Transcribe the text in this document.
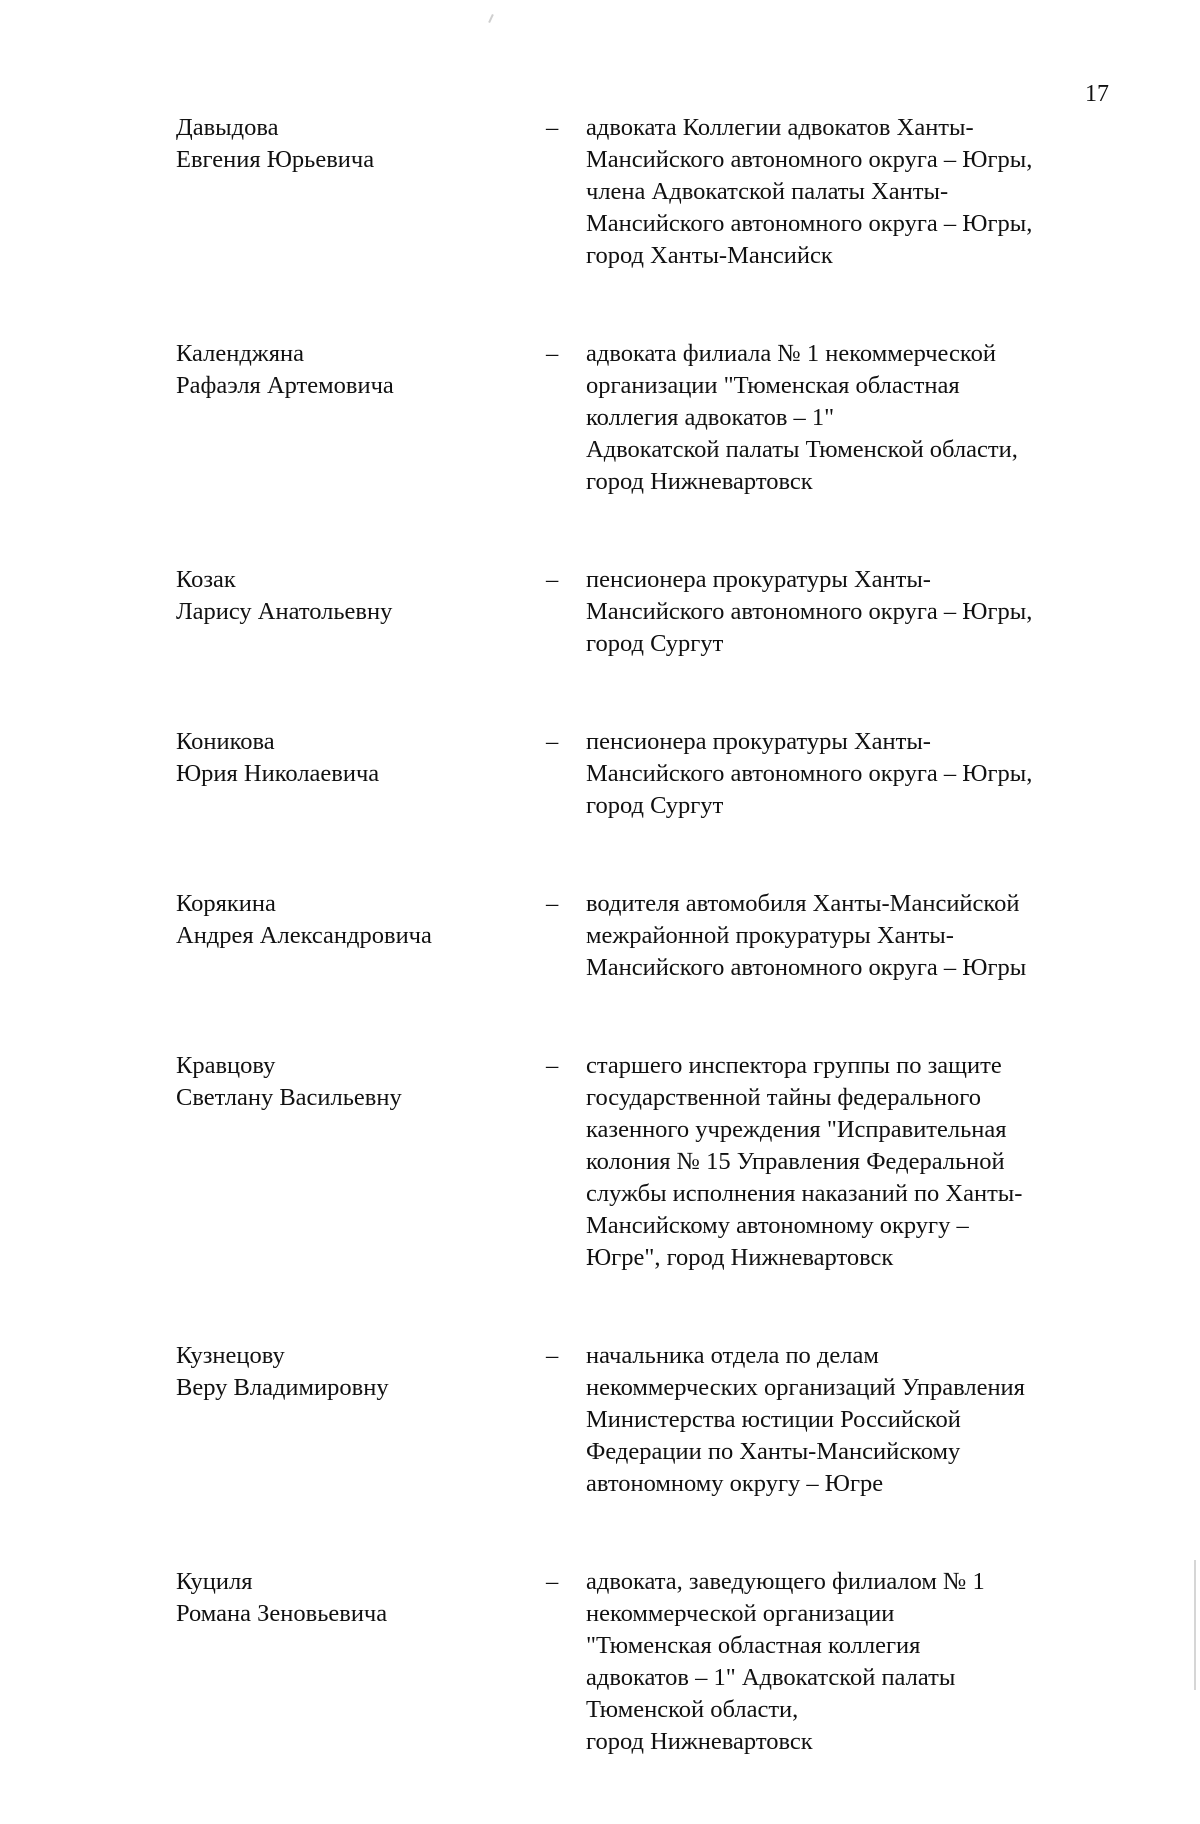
17
Давыдова
Евгения Юрьевича
–	адвоката Коллегии адвокатов Ханты-
Мансийского автономного округа – Югры,
члена Адвокатской палаты Ханты-
Мансийского автономного округа – Югры,
город Ханты-Мансийск
Календжяна
Рафаэля Артемовича
–	адвоката филиала № 1 некоммерческой
организации "Тюменская областная
коллегия адвокатов – 1"
Адвокатской палаты Тюменской области,
город Нижневартовск
Козак
Ларису Анатольевну
–	пенсионера прокуратуры Ханты-
Мансийского автономного округа – Югры,
город Сургут
Коникова
Юрия Николаевича
–	пенсионера прокуратуры Ханты-
Мансийского автономного округа – Югры,
город Сургут
Корякина
Андрея Александровича
–	водителя автомобиля Ханты-Мансийской
межрайонной прокуратуры Ханты-
Мансийского автономного округа – Югры
Кравцову
Светлану Васильевну
–	старшего инспектора группы по защите
государственной тайны федерального
казенного учреждения "Исправительная
колония № 15 Управления Федеральной
службы исполнения наказаний по Ханты-
Мансийскому автономному округу –
Югре", город Нижневартовск
Кузнецову
Веру Владимировну
–	начальника отдела по делам
некоммерческих организаций Управления
Министерства юстиции Российской
Федерации по Ханты-Мансийскому
автономному округу – Югре
Куциля
Романа Зеновьевича
–	адвоката, заведующего филиалом № 1
некоммерческой организации
"Тюменская областная коллегия
адвокатов – 1" Адвокатской палаты
Тюменской области,
город Нижневартовск
